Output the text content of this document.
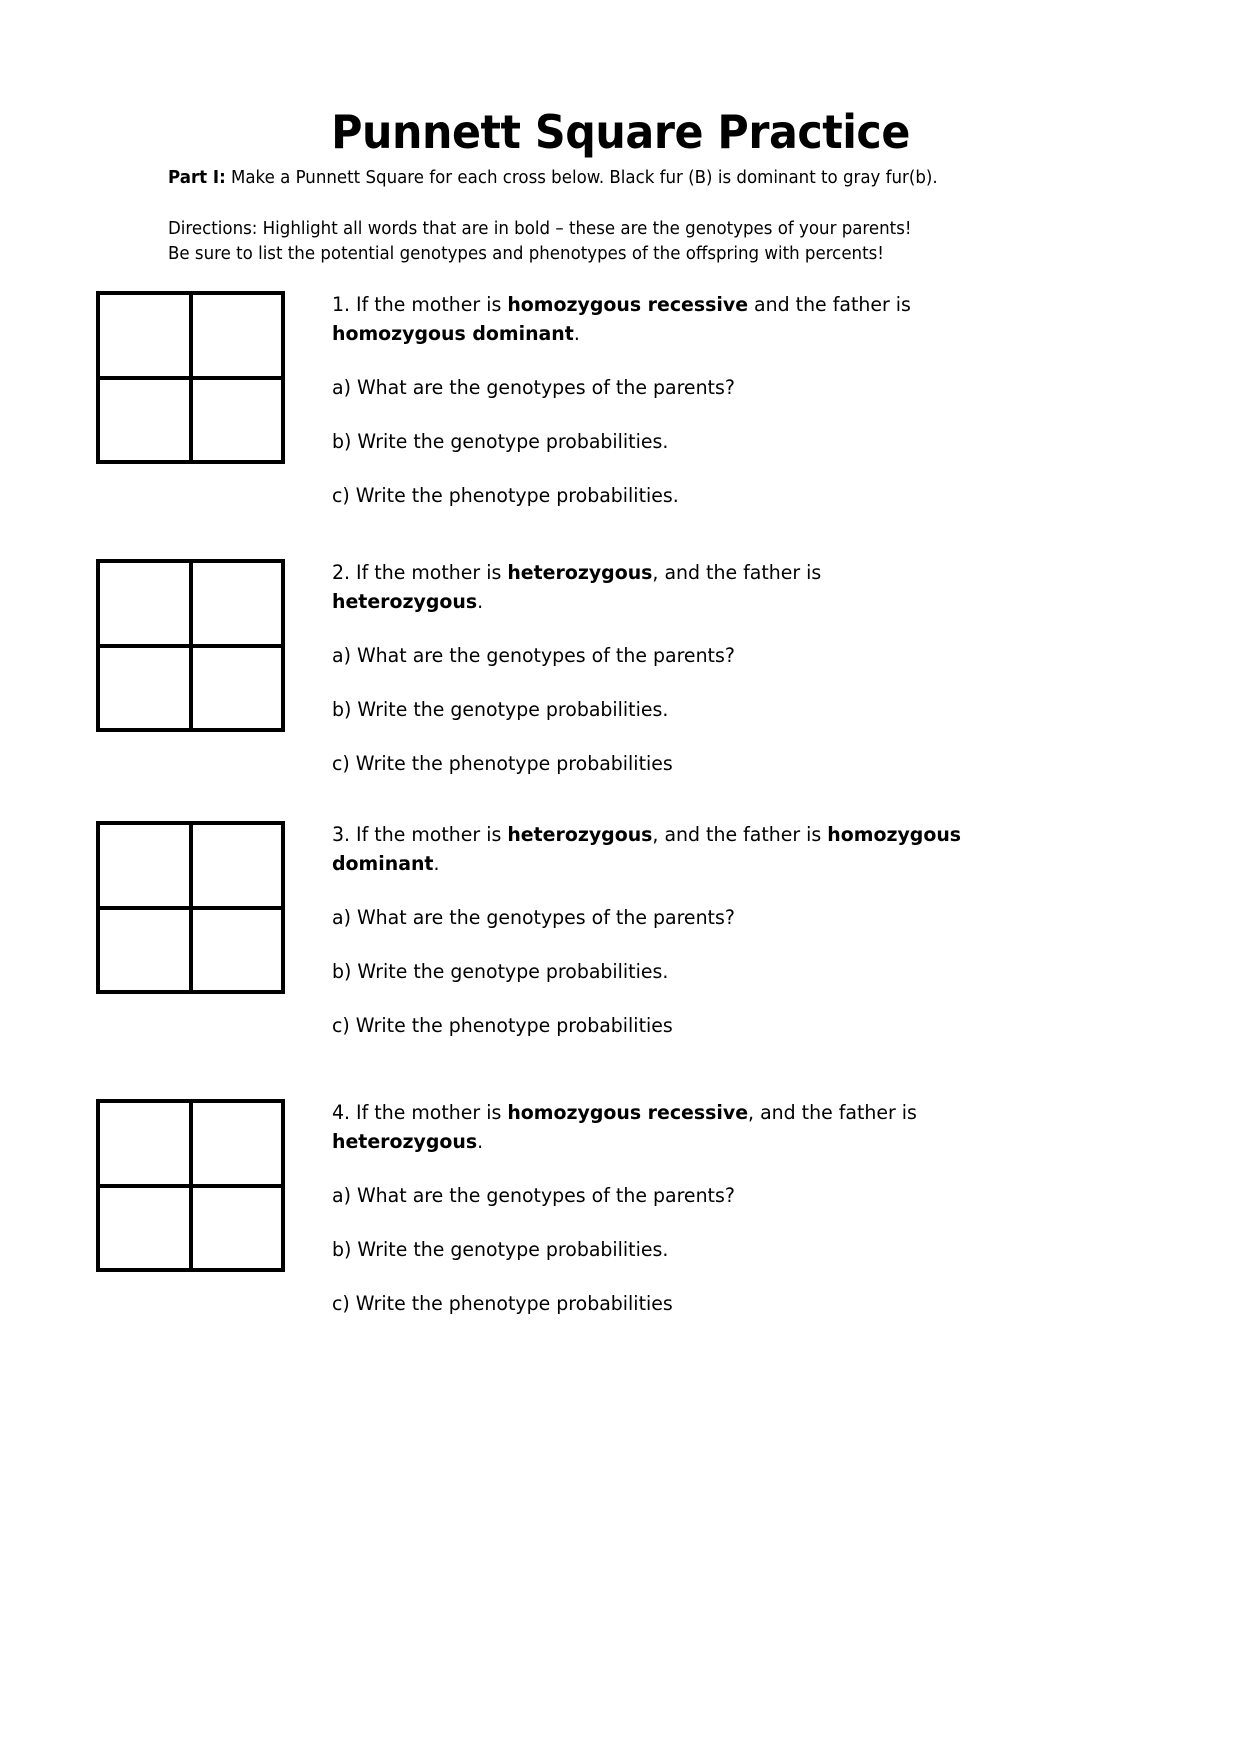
Punnett Square Practice
Part I: Make a Punnett Square for each cross below. Black fur (B) is dominant to gray fur(b).
Directions: Highlight all words that are in bold – these are the genotypes of your parents!
Be sure to list the potential genotypes and phenotypes of the offspring with percents!

1. If the mother is homozygous recessive and the father is homozygous dominant.

a) What are the genotypes of the parents?
b) Write the genotype probabilities.
c) Write the phenotype probabilities.

2. If the mother is heterozygous, and the father is heterozygous.

a) What are the genotypes of the parents?
b) Write the genotype probabilities.
c) Write the phenotype probabilities

3. If the mother is heterozygous, and the father is homozygous dominant.

a) What are the genotypes of the parents?
b) Write the genotype probabilities.
c) Write the phenotype probabilities

4. If the mother is homozygous recessive, and the father is heterozygous.

a) What are the genotypes of the parents?
b) Write the genotype probabilities.
c) Write the phenotype probabilities
